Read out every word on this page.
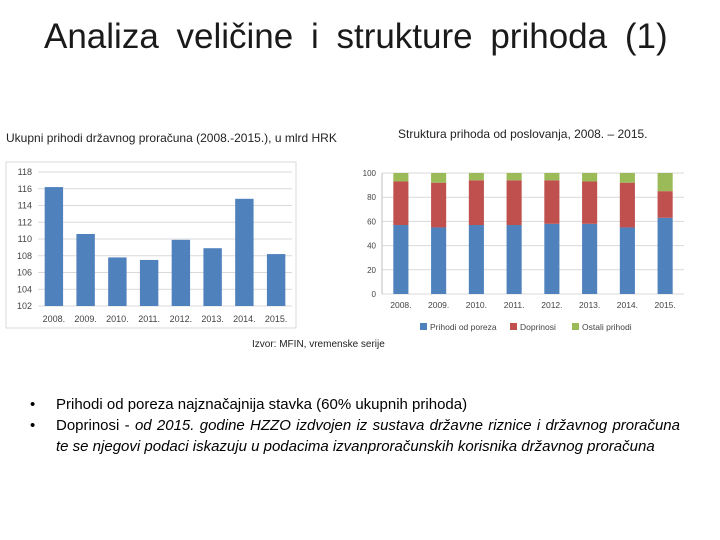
Analiza veličine i strukture prihoda (1)
Ukupni prihodi državnog proračuna (2008.-2015.), u mlrd HRK	Struktura prihoda od poslovanja, 2008. – 2015.
102
104
106
108
110
112
114
116
118
2008. 2009. 2010. 2011. 2012. 2013. 2014. 2015.
0
20
40
60
80
100
2008. 2009. 2010. 2011. 2012. 2013. 2014. 2015.
Prihodi od poreza	Doprinosi	Ostali prihodi
Izvor: MFIN, vremenske serije
• Prihodi od poreza najznačajnija stavka (60% ukupnih prihoda)
• Doprinosi - od 2015. godine HZZO izdvojen iz sustava državne riznice i državnog proračuna te se njegovi podaci iskazuju u podacima izvanproračunskih korisnika državnog proračuna
